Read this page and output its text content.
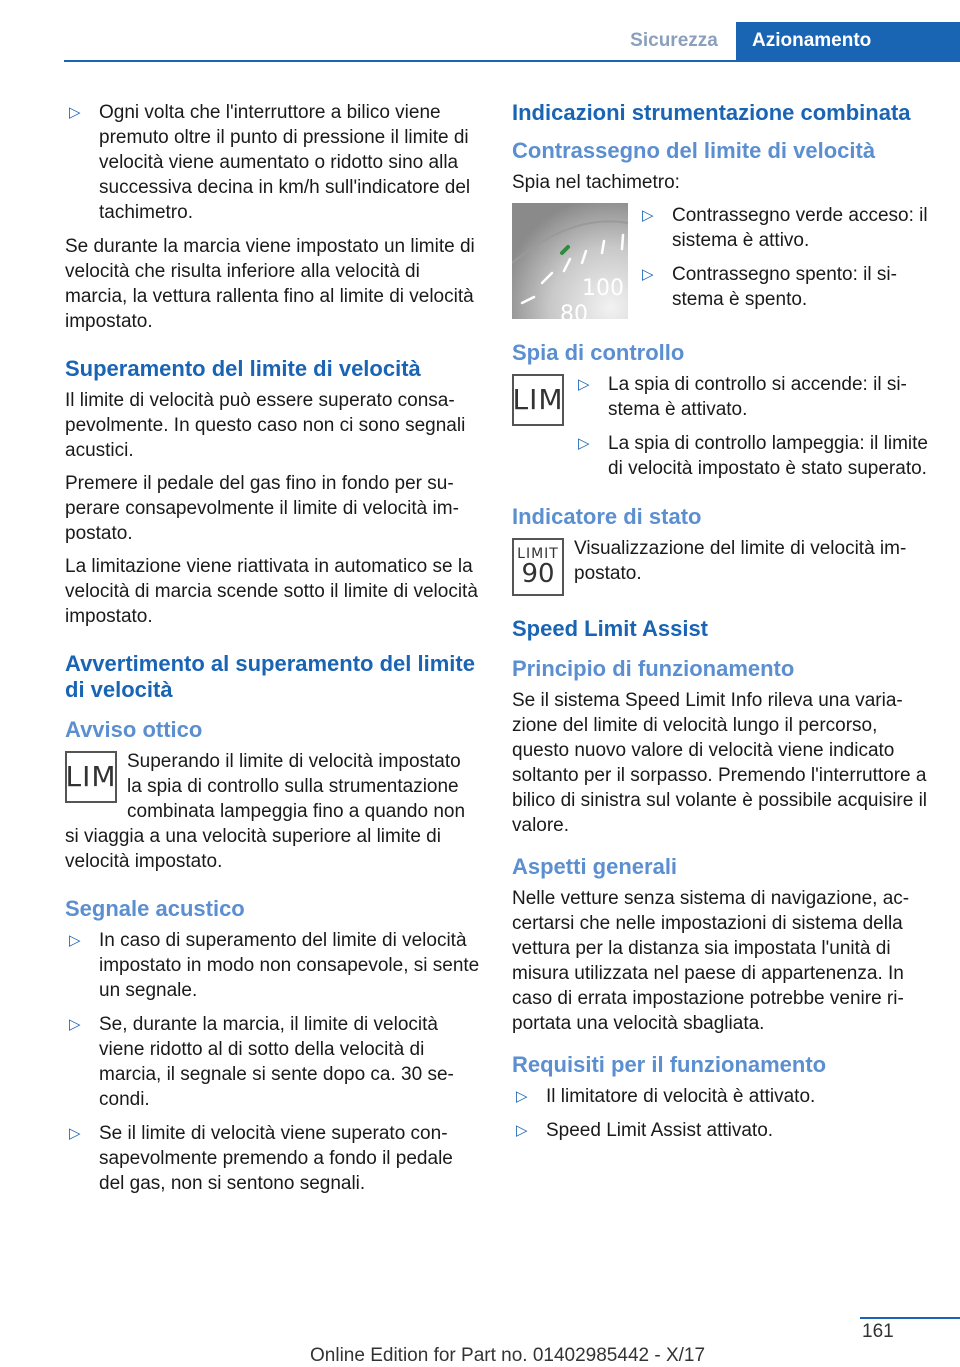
Sicurezza	Azionamento
▷ Ogni volta che l'interruttore a bilico viene premuto oltre il punto di pressione il limite di velocità viene aumentato o ridotto sino alla successiva decina in km/h sull'indicatore del tachimetro.

Se durante la marcia viene impostato un limite di velocità che risulta inferiore alla velocità di marcia, la vettura rallenta fino al limite di velocità impostato.

Superamento del limite di velocità

Il limite di velocità può essere superato consapevolmente. In questo caso non ci sono segnali acustici.

Premere il pedale del gas fino in fondo per superare consapevolmente il limite di velocità impostato.

La limitazione viene riattivata in automatico se la velocità di marcia scende sotto il limite di velocità impostato.

Avvertimento al superamento del limite di velocità
Avviso ottico
LIM Superando il limite di velocità impostato la spia di controllo sulla strumentazione combinata lampeggia fino a quando non si viaggia a una velocità superiore al limite di velocità impostato.

Segnale acustico
▷ In caso di superamento del limite di velocità impostato in modo non consapevole, si sente un segnale.
▷ Se, durante la marcia, il limite di velocità viene ridotto al di sotto della velocità di marcia, il segnale si sente dopo ca. 30 secondi.
▷ Se il limite di velocità viene superato consapevolmente premendo a fondo il pedale del gas, non si sentono segnali.
Indicazioni strumentazione combinata
Contrassegno del limite di velocità

Spia nel tachimetro:

100
80
▷ Contrassegno verde acceso: il sistema è attivo.
▷ Contrassegno spento: il sistema è spento.
Spia di controllo
LIM ▷ La spia di controllo si accende: il sistema è attivato.
▷ La spia di controllo lampeggia: il limite di velocità impostato è stato superato.
Indicatore di stato
LIMIT
90

Visualizzazione del limite di velocità impostato.

Speed Limit Assist
Principio di funzionamento

Se il sistema Speed Limit Info rileva una variazione del limite di velocità lungo il percorso, questo nuovo valore di velocità viene indicato soltanto per il sorpasso. Premendo l'interruttore a bilico di sinistra sul volante è possibile acquisire il valore.

Aspetti generali

Nelle vetture senza sistema di navigazione, accertarsi che nelle impostazioni di sistema della vettura per la distanza sia impostata l'unità di misura utilizzata nel paese di appartenenza. In caso di errata impostazione potrebbe venire riportata una velocità sbagliata.

Requisiti per il funzionamento
▷ Il limitatore di velocità è attivato.
▷ Speed Limit Assist attivato.
161
Online Edition for Part no. 01402985442 - X/17
